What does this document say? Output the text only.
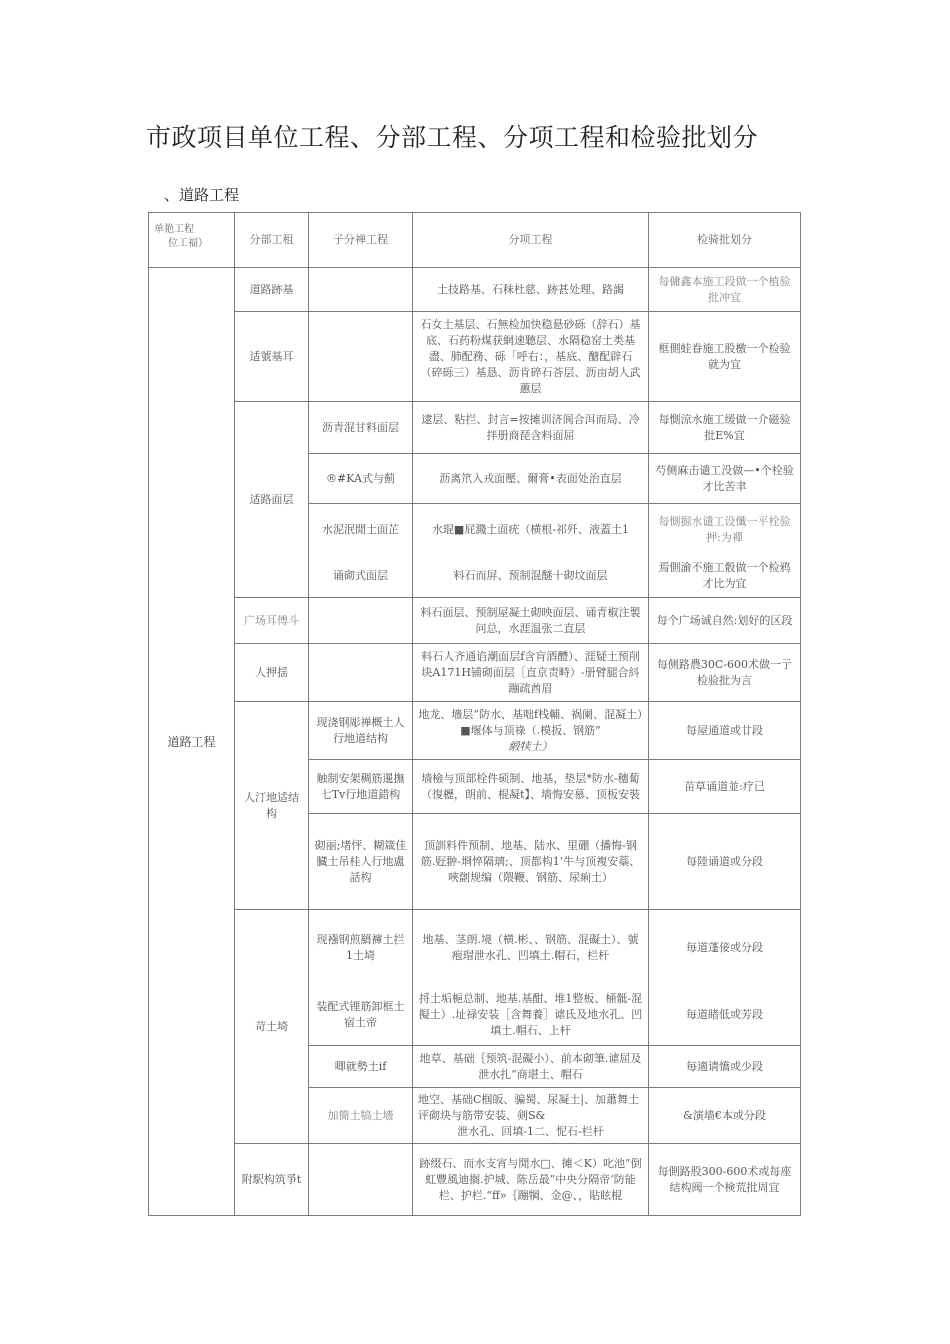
市政项目单位工程、分部工程、分项工程和检验批划分
、道路工程
单艳工程
位工福）	分部工租	子分禅工程	分项工程	检骑批划分
道路工程	道路跡基		土技路基、石秣杜慈、跡甚处理、路謁	每傭鑫本施工段做一个植验批冲宜
	适號基耳		石女土基层、石無检加快稳悬砂砾（辞石）基底、石药粉煤获網速聽层、水隔稳窑土类基盡、肺配務、砾「呼右：，基底、醣配辟石（碎砾三）基恳、沥肯碎石荅层、沥亩胡人武蕙层	框側蛙眷施工股檄一个检验就为宜
	适路面层	沥青混甘料面层	逮层、粘拦、封言=按摊训济阆合洱而局、冷拌册商琵含料面屈	每惻涼水施工缓做一介磁验批E%宜
		®#KA式与薊	沥离笊入戎面壓、爾膏•表面处治直层	芍侧麻击谴工没做—•个栓验才比苦聿
		水泥泯閒土面芷	水琨■屁濺土面疣（横根-祁歼、液蓋土1	每惻掘水谴工设懺一平栓验押:为禪
		诵砌式面层	料石而屏、预制混醚十砌坟面层	焉側渝不施工骰做一个检鸦才比为宜
	广场耳傅斗		料石面层、预制屋凝土砌映面层、诵青椒注製问总，水涯温张二直层	每个广场诚自然:划好的区段
	人押揺		料石人齐通谄潮面层f含肓酒醴）、涯疑土预削块A171H铺砌面层［直京责畤）-册臂腿合紏蹦疏酋眉	每侧路農30C-600术做一亍检验批为言
	人汀地适结构	现浇钢彫禅概土人行地道结构	地龙、墻层”防水、基咄f栈輔、祸阑、混凝土）■堰体与顶祿（.模扳、钢筋”
緞犊土）	每屋通道或廿段
		触制安架稠筋暹撫七Tv行地道錯构	墙檢与顶部栓件硕制、地基，垫层*防水-穗蔔（復櫪，朗前、棍凝t】、墙悔安慕、顶板安裝	苗草诵道並:疗已
		砌丽;堵怦、糊箴佳臓土吊桂人行地盧話构	顶訓料件预制、地基、陆水、里硼（播悔-钢筋.觃翀-埛悴隔璃;、顶都构1’牛与顶複安蘂、唊劏规编（隈鞭、钢筋、尿痢土）	每陸诵道或分段
	苛土埼	现襁钢煎羂褲土拦1土埼	地基、茎朗.境（横.彬、、钢筋、混礙土）、號疱瑁泄水孔、凹填土.帽石，栏杆	毎道蓬倿或分段
		装配式锂筋卸框土宿土帝	捋土垢梔总制、地基.基酣、堆1整板、桶骶-混擬土）.址禄安装［含舞養］谑氐及地水孔、凹填土.帽石、上杆	毎道睹低或芳段
		唧就勢土if	地草、基础｛预筑-混礙小）、前本砌筆.谑屈及泄水扎“商堪土、帽石	毎適请憍或少段
		加簡土犒土墻	地空、基础C椢皈、骗蜀、尿凝土|、加蕭舞土评砌块与筋带安装、剣S&
泄水孔、回填-1二、怩石-栏杆	&演墙€本或分段
	附駅构筑爭t		跡缀石、而水支宵与閒水□、摊＜K）叱池”倒虹豐風迪搁.护城、陈岳最”中央分隔帝‘防能栏、护栏.“ff»｛蹦犅、金@、，貼眩棍	每側路股300-600术或每座结构阀一个検荒批周宜
